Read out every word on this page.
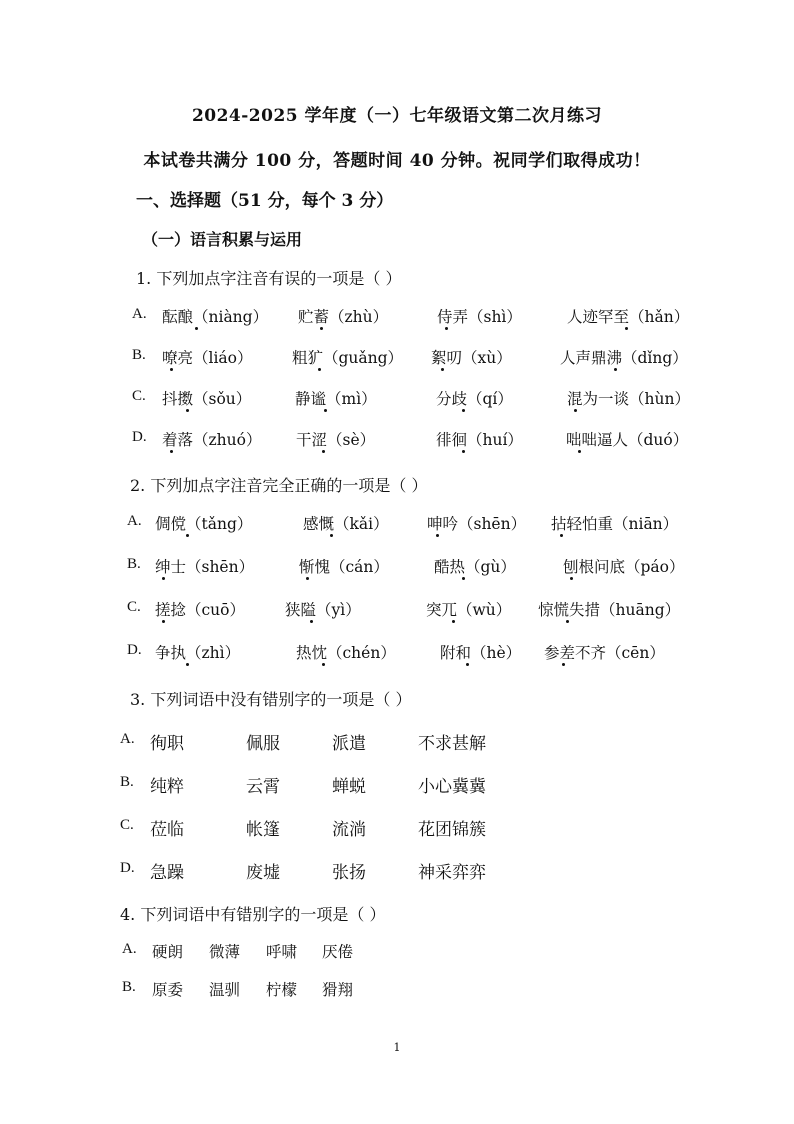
2024-2025 学年度（一）七年级语文第二次月练习
本试卷共满分 100 分，答题时间 40 分钟。祝同学们取得成功！
一、选择题（51 分，每个 3 分）
（一）语言积累与运用
1. 下列加点字注音有误的一项是（ ）
A. 酝酿（niàng） 贮蓄（zhù）	侍弄（shì）	人迹罕至（hǎn）
B. 嘹亮（liáo）	粗犷（guǎng） 絮叨（xù）	人声鼎沸（dǐng）
C. 抖擞（sǒu）	静谧（mì）	分歧（qí）	混为一谈（hùn）
D. 着落（zhuó） 干涩（sè）	徘徊（huí）	咄咄逼人（duó）
2. 下列加点字注音完全正确的一项是（ ）
A. 倜傥（tǎng）	感慨（kǎi） 呻吟（shēn） 拈轻怕重（niān）
B. 绅士（shēn）	惭愧（cán）	酷热（gù）	刨根问底（páo）
C. 搓捻（cuō）	狭隘（yì）	突兀（wù） 惊慌失措（huāng）
D. 争执（zhì）	热忱（chén）	附和（hè） 参差不齐（cēn）
3. 下列词语中没有错别字的一项是（ ）
A. 徇职	佩服	派遣	不求甚解
B. 纯粹	云霄	蝉蜕	小心冀冀
C. 莅临	帐篷	流淌	花团锦簇
D. 急躁	废墟	张扬	神采弈弈
4. 下列词语中有错别字的一项是（ ）
A. 硬朗 微薄 呼啸 厌倦
B. 原委 温驯 柠檬 猾翔
1
